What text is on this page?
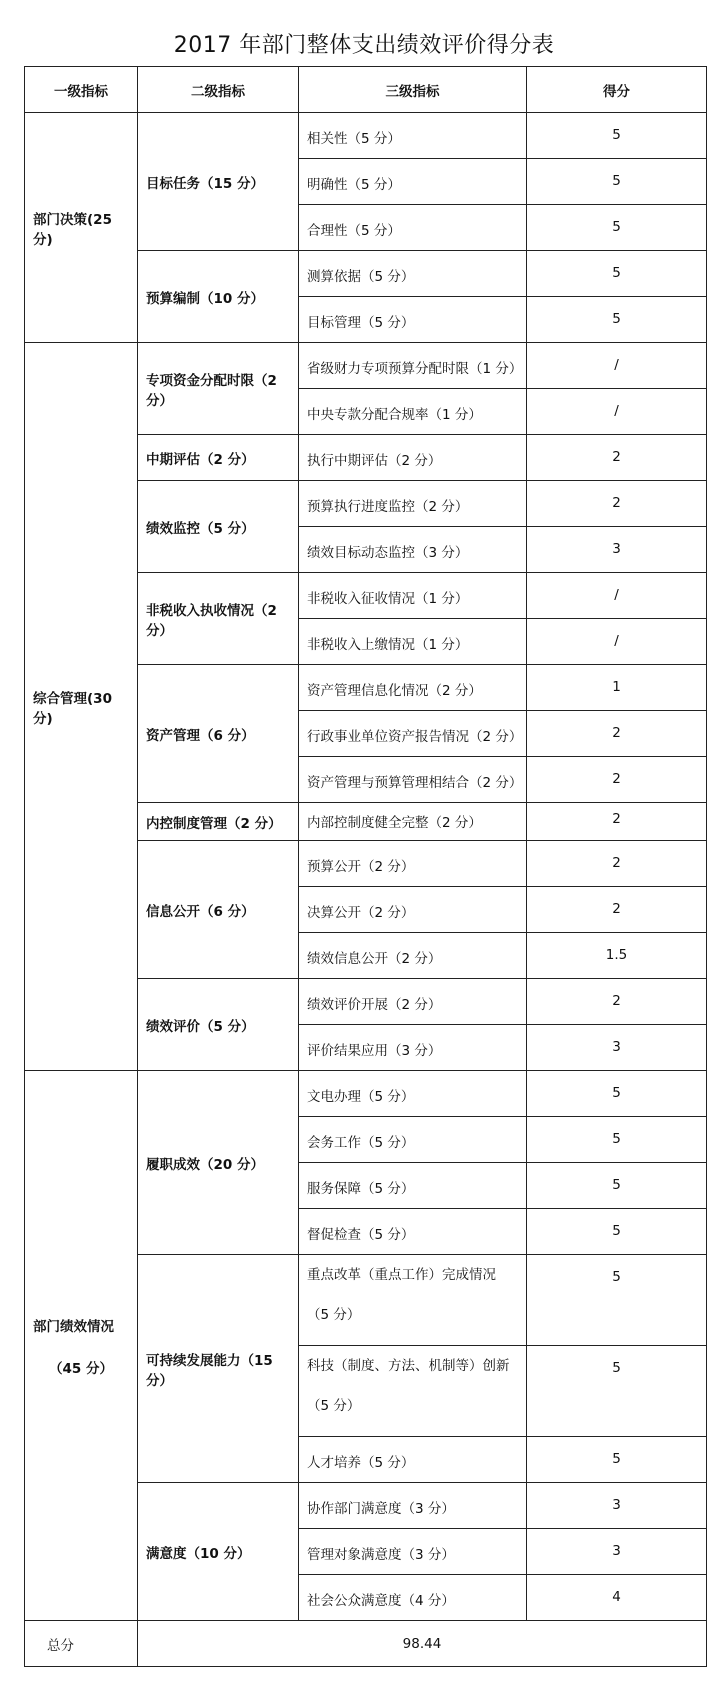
2017 年部门整体支出绩效评价得分表
一级指标	二级指标	三级指标	得分

部门决策(25 分)	目标任务（15 分）	相关性（5 分）	5
		明确性（5 分）	5
		合理性（5 分）	5
	预算编制（10 分）	测算依据（5 分）	5
		目标管理（5 分）	5

综合管理(30 分)	专项资金分配时限（2 分）	省级财力专项预算分配时限（1 分）	/
		中央专款分配合规率（1 分）	/
	中期评估（2 分）	执行中期评估（2 分）	2
	绩效监控（5 分）	预算执行进度监控（2 分）	2
		绩效目标动态监控（3 分）	3
	非税收入执收情况（2 分）	非税收入征收情况（1 分）	/
		非税收入上缴情况（1 分）	/
	资产管理（6 分）	资产管理信息化情况（2 分）	1
		行政事业单位资产报告情况（2 分）	2
		资产管理与预算管理相结合（2 分）	2
	内控制度管理（2 分）	内部控制度健全完整（2 分）	2
	信息公开（6 分）	预算公开（2 分）	2
		决算公开（2 分）	2
		绩效信息公开（2 分）	1.5
	绩效评价（5 分）	绩效评价开展（2 分）	2
		评价结果应用（3 分）	3

部门绩效情况
（45 分）	履职成效（20 分）	文电办理（5 分）	5
		会务工作（5 分）	5
		服务保障（5 分）	5
		督促检查（5 分）	5
	可持续发展能力（15 分）	重点改革（重点工作）完成情况
（5 分）	5

		科技（制度、方法、机制等）创新
（5 分）	5
		人才培养（5 分）	5
	满意度（10 分）	协作部门满意度（3 分）	3
		管理对象满意度（3 分）	3
		社会公众满意度（4 分）	4
总分	98.44		
